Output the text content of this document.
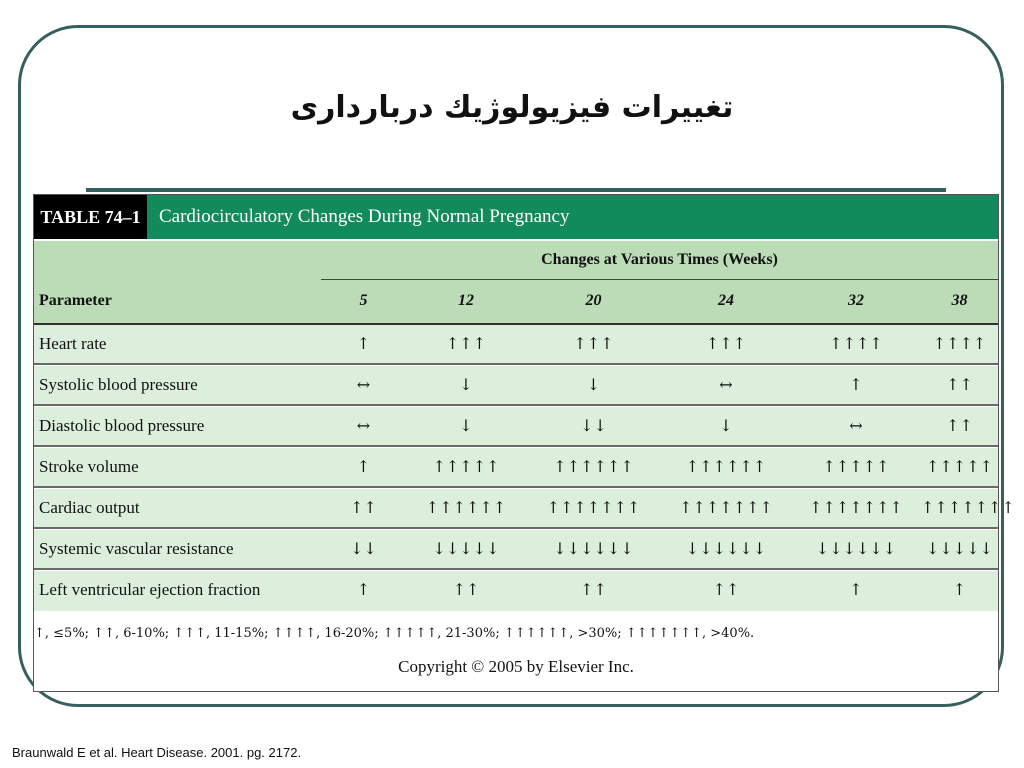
تغييرات فيزيولوژيك درباردارى
TABLE 74–1 Cardiocirculatory Changes During Normal Pregnancy
Changes at Various Times (Weeks)
Parameter	5	12	20	24	32	38
Heart rate	↑	↑↑↑	↑↑↑	↑↑↑	↑↑↑↑	↑↑↑↑
Systolic blood pressure	↔	↓	↓	↔	↑	↑↑
Diastolic blood pressure	↔	↓	↓↓	↓	↔	↑↑
Stroke volume	↑	↑↑↑↑↑	↑↑↑↑↑↑	↑↑↑↑↑↑	↑↑↑↑↑	↑↑↑↑↑
Cardiac output	↑↑	↑↑↑↑↑↑	↑↑↑↑↑↑↑	↑↑↑↑↑↑↑	↑↑↑↑↑↑↑	↑↑↑↑↑↑↑
Systemic vascular resistance	↓↓	↓↓↓↓↓	↓↓↓↓↓↓	↓↓↓↓↓↓	↓↓↓↓↓↓	↓↓↓↓↓
Left ventricular ejection fraction	↑	↑↑	↑↑	↑↑	↑	↑
↑, ≤5%; ↑↑, 6-10%; ↑↑↑, 11-15%; ↑↑↑↑, 16-20%; ↑↑↑↑↑, 21-30%; ↑↑↑↑↑↑, >30%; ↑↑↑↑↑↑↑, >40%.
Copyright © 2005 by Elsevier Inc.
Braunwald E et al. Heart Disease. 2001. pg. 2172.
